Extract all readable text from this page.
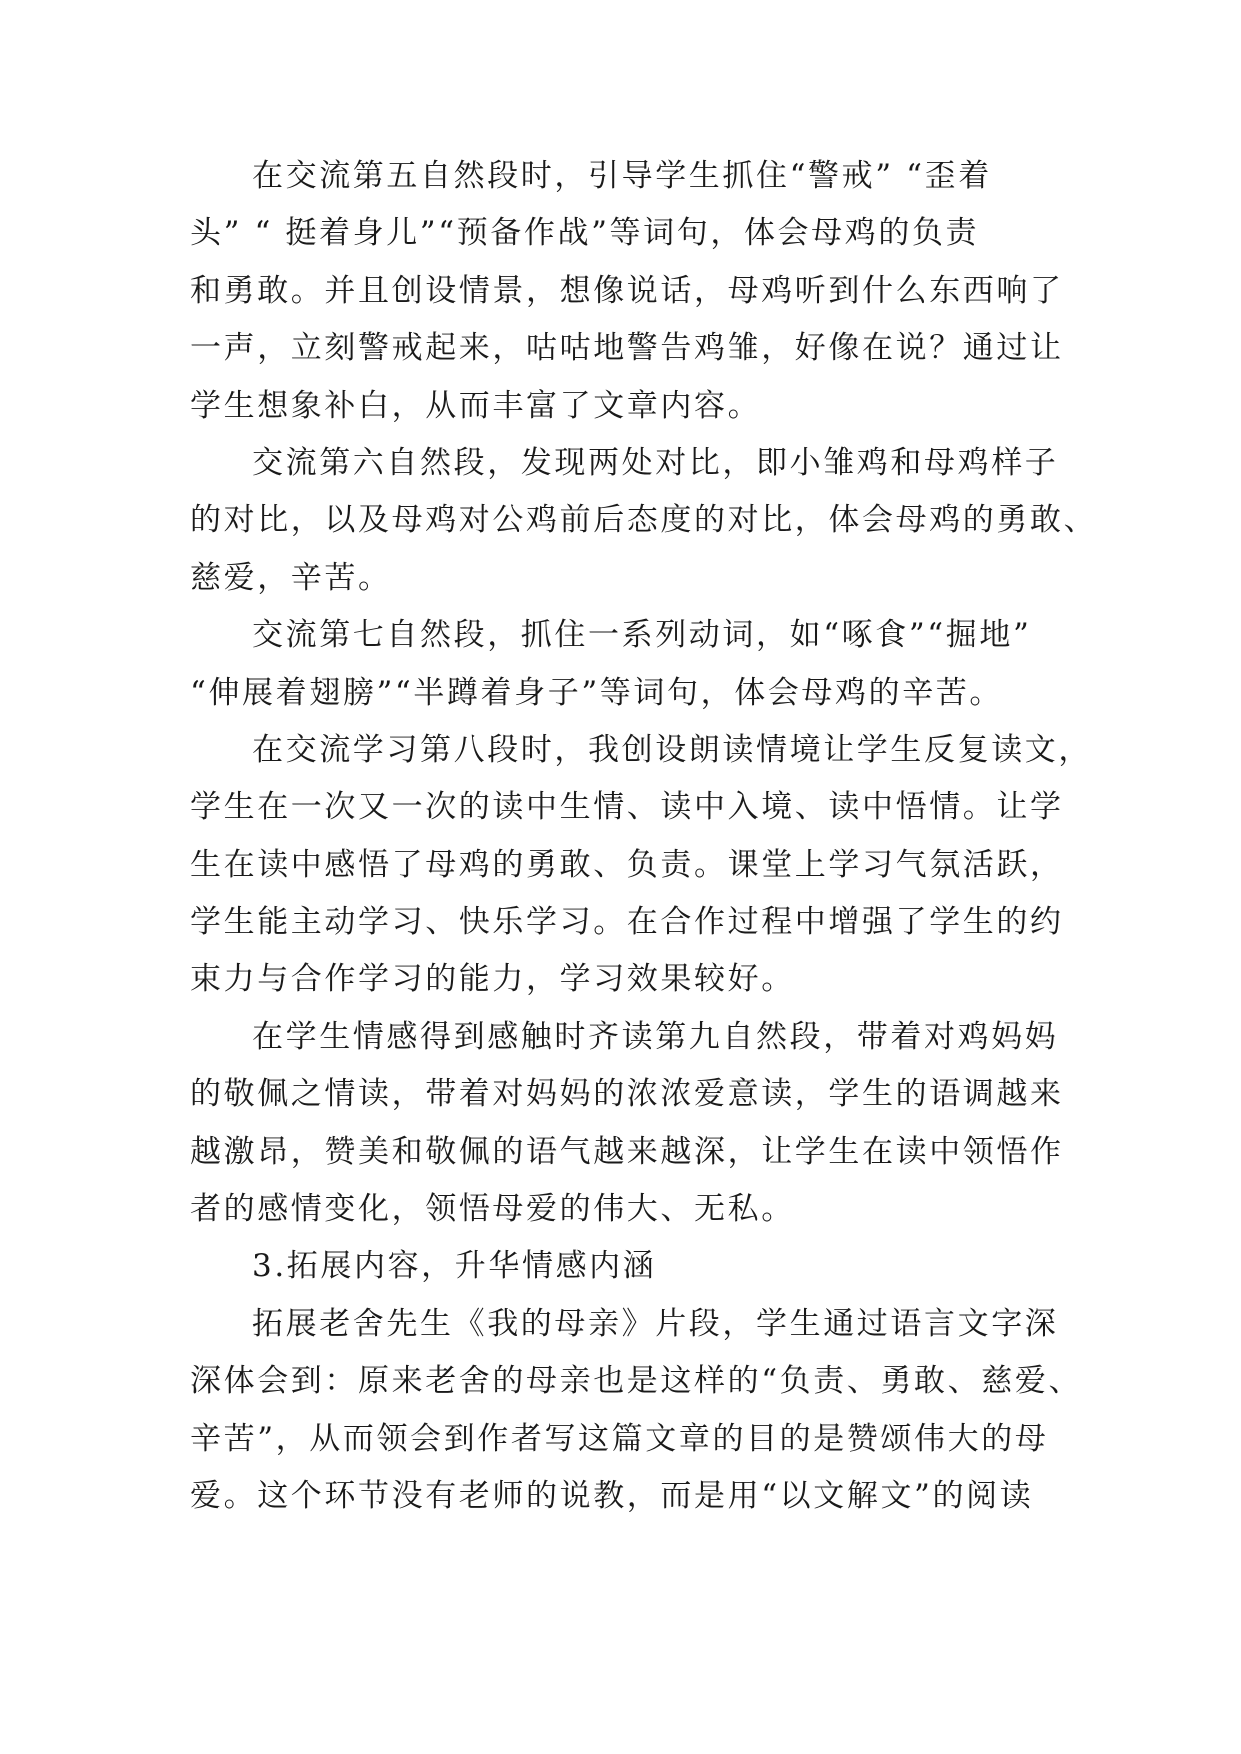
在交流第五自然段时，引导学生抓住“警戒” “歪着
头” “ 挺着身儿”“预备作战”等词句，体会母鸡的负责
和勇敢。并且创设情景，想像说话，母鸡听到什么东西响了
一声，立刻警戒起来，咕咕地警告鸡雏，好像在说？通过让
学生想象补白，从而丰富了文章内容。
交流第六自然段，发现两处对比，即小雏鸡和母鸡样子
的对比，以及母鸡对公鸡前后态度的对比，体会母鸡的勇敢、
慈爱，辛苦。
交流第七自然段，抓住一系列动词，如“啄食”“掘地”
“伸展着翅膀”“半蹲着身子”等词句，体会母鸡的辛苦。
在交流学习第八段时，我创设朗读情境让学生反复读文，
学生在一次又一次的读中生情、读中入境、读中悟情。让学
生在读中感悟了母鸡的勇敢、负责。课堂上学习气氛活跃，
学生能主动学习、快乐学习。在合作过程中增强了学生的约
束力与合作学习的能力，学习效果较好。
在学生情感得到感触时齐读第九自然段，带着对鸡妈妈
的敬佩之情读，带着对妈妈的浓浓爱意读，学生的语调越来
越激昂，赞美和敬佩的语气越来越深，让学生在读中领悟作
者的感情变化，领悟母爱的伟大、无私。
3.拓展内容，升华情感内涵
拓展老舍先生《我的母亲》片段，学生通过语言文字深
深体会到：原来老舍的母亲也是这样的“负责、勇敢、慈爱、
辛苦”，从而领会到作者写这篇文章的目的是赞颂伟大的母
爱。这个环节没有老师的说教，而是用“以文解文”的阅读
